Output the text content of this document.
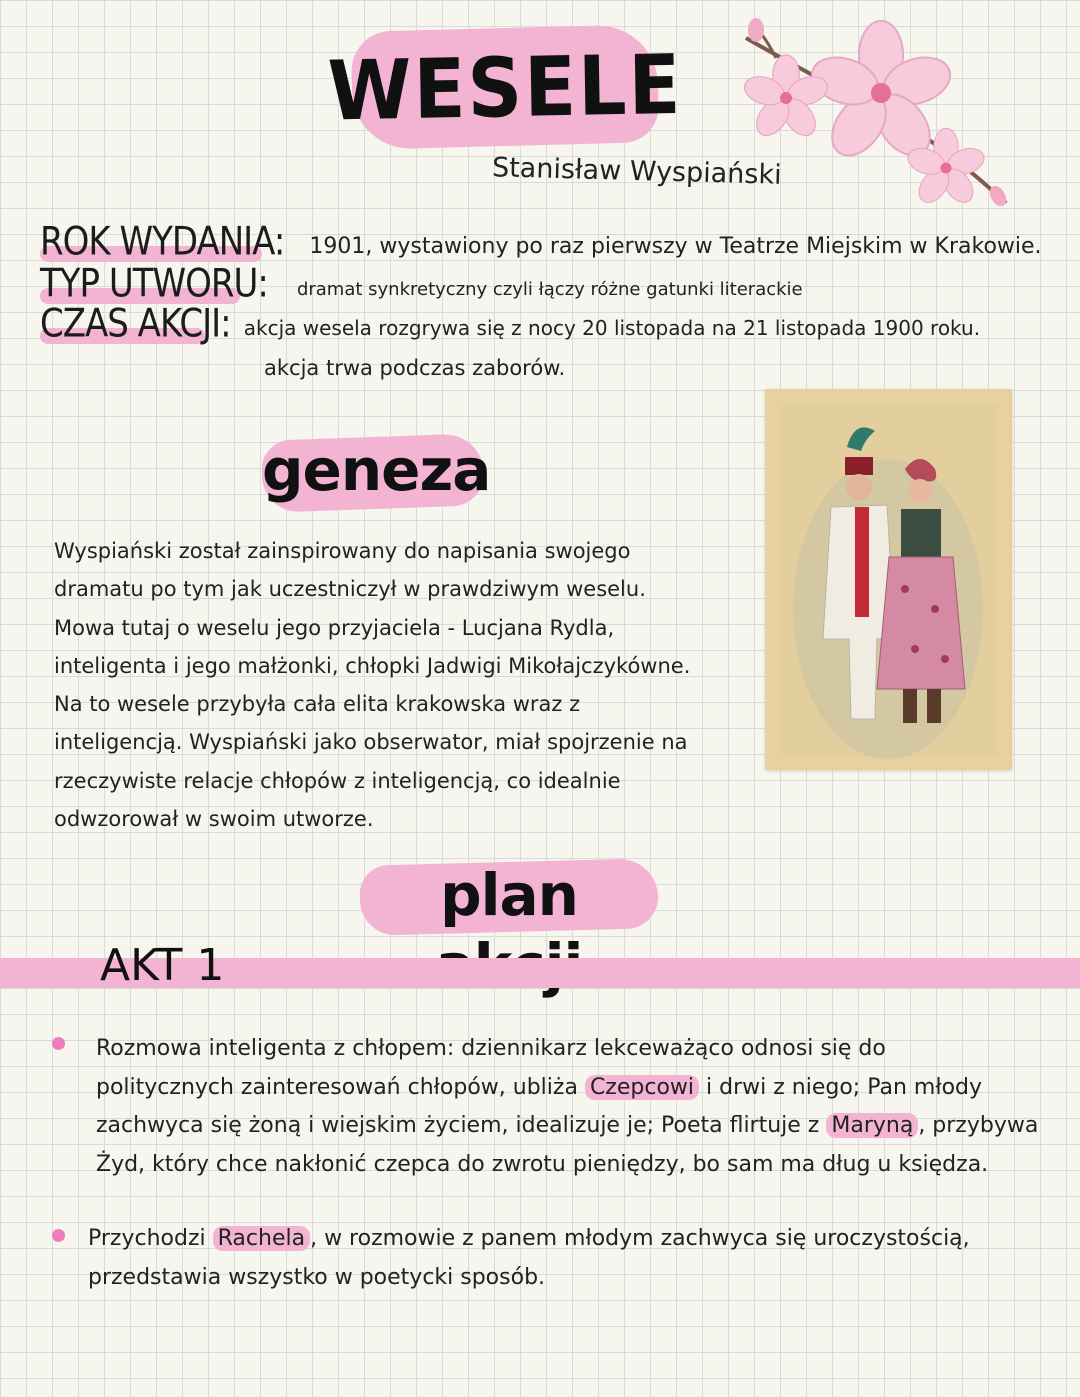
WESELE
Stanisław Wyspiański
ROK WYDANIA: 1901, wystawiony po raz pierwszy w Teatrze Miejskim w Krakowie.
TYP UTWORU: dramat synkretyczny czyli łączy różne gatunki literackie
CZAS AKCJI: akcja wesela rozgrywa się z nocy 20 listopada na 21 listopada 1900 roku.
akcja trwa podczas zaborów.
geneza
Wyspiański został zainspirowany do napisania swojego
dramatu po tym jak uczestniczył w prawdziwym weselu.
Mowa tutaj o weselu jego przyjaciela - Lucjana Rydla,
inteligenta i jego małżonki, chłopki Jadwigi Mikołajczykówne.
Na to wesele przybyła cała elita krakowska wraz z
inteligencją. Wyspiański jako obserwator, miał spojrzenie na
rzeczywiste relacje chłopów z inteligencją, co idealnie
odwzorował w swoim utworze.
plan
AKT 1
Rozmowa inteligenta z chłopem: dziennikarz lekceważąco odnosi się do
politycznych zainteresowań chłopów, ubliża Czepcowi i drwi z niego; Pan młody
zachwyca się żoną i wiejskim życiem, idealizuje je; Poeta flirtuje z Maryną , przybywa
Żyd, który chce nakłonić czepca do zwrotu pieniędzy, bo sam ma dług u księdza.
Przychodzi Rachela , w rozmowie z panem młodym zachwyca się uroczystością,
przedstawia wszystko w poetycki sposób.
